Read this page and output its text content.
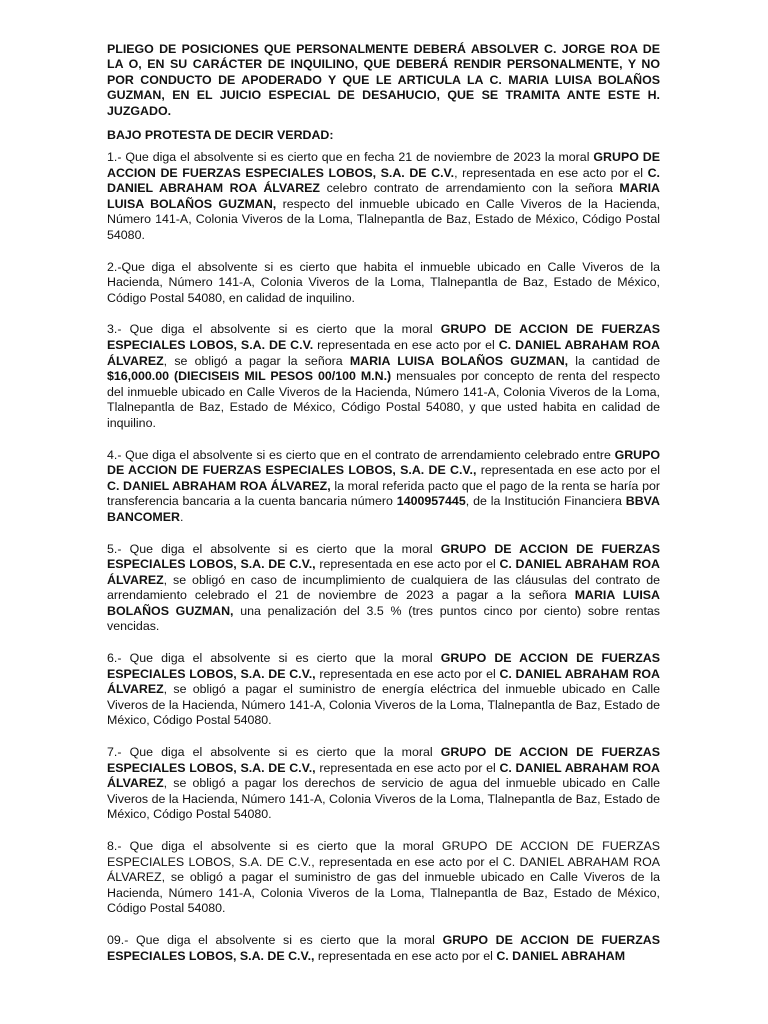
PLIEGO DE POSICIONES QUE PERSONALMENTE DEBERÁ ABSOLVER C. JORGE ROA DE LA O, EN SU CARÁCTER DE INQUILINO, QUE DEBERÁ RENDIR PERSONALMENTE, Y NO POR CONDUCTO DE APODERADO Y QUE LE ARTICULA LA C. MARIA LUISA BOLAÑOS GUZMAN, EN EL JUICIO ESPECIAL DE DESAHUCIO, QUE SE TRAMITA ANTE ESTE H. JUZGADO.

BAJO PROTESTA DE DECIR VERDAD:

1.- Que diga el absolvente si es cierto que en fecha 21 de noviembre de 2023 la moral GRUPO DE ACCION DE FUERZAS ESPECIALES LOBOS, S.A. DE C.V., representada en ese acto por el C. DANIEL ABRAHAM ROA ÁLVAREZ celebro contrato de arrendamiento con la señora MARIA LUISA BOLAÑOS GUZMAN, respecto del inmueble ubicado en Calle Viveros de la Hacienda, Número 141-A, Colonia Viveros de la Loma, Tlalnepantla de Baz, Estado de México, Código Postal 54080.

2.-Que diga el absolvente si es cierto que habita el inmueble ubicado en Calle Viveros de la Hacienda, Número 141-A, Colonia Viveros de la Loma, Tlalnepantla de Baz, Estado de México, Código Postal 54080, en calidad de inquilino.

3.- Que diga el absolvente si es cierto que la moral GRUPO DE ACCION DE FUERZAS ESPECIALES LOBOS, S.A. DE C.V. representada en ese acto por el C. DANIEL ABRAHAM ROA ÁLVAREZ, se obligó a pagar la señora MARIA LUISA BOLAÑOS GUZMAN, la cantidad de $16,000.00 (DIECISEIS MIL PESOS 00/100 M.N.) mensuales por concepto de renta del respecto del inmueble ubicado en Calle Viveros de la Hacienda, Número 141-A, Colonia Viveros de la Loma, Tlalnepantla de Baz, Estado de México, Código Postal 54080, y que usted habita en calidad de inquilino.

4.- Que diga el absolvente si es cierto que en el contrato de arrendamiento celebrado entre GRUPO DE ACCION DE FUERZAS ESPECIALES LOBOS, S.A. DE C.V., representada en ese acto por el C. DANIEL ABRAHAM ROA ÁLVAREZ, la moral referida pacto que el pago de la renta se haría por transferencia bancaria a la cuenta bancaria número 1400957445, de la Institución Financiera BBVA BANCOMER.

5.- Que diga el absolvente si es cierto que la moral GRUPO DE ACCION DE FUERZAS ESPECIALES LOBOS, S.A. DE C.V., representada en ese acto por el C. DANIEL ABRAHAM ROA ÁLVAREZ, se obligó en caso de incumplimiento de cualquiera de las cláusulas del contrato de arrendamiento celebrado el 21 de noviembre de 2023 a pagar a la señora MARIA LUISA BOLAÑOS GUZMAN, una penalización del 3.5 % (tres puntos cinco por ciento) sobre rentas vencidas.

6.- Que diga el absolvente si es cierto que la moral GRUPO DE ACCION DE FUERZAS ESPECIALES LOBOS, S.A. DE C.V., representada en ese acto por el C. DANIEL ABRAHAM ROA ÁLVAREZ, se obligó a pagar el suministro de energía eléctrica del inmueble ubicado en Calle Viveros de la Hacienda, Número 141-A, Colonia Viveros de la Loma, Tlalnepantla de Baz, Estado de México, Código Postal 54080.

7.- Que diga el absolvente si es cierto que la moral GRUPO DE ACCION DE FUERZAS ESPECIALES LOBOS, S.A. DE C.V., representada en ese acto por el C. DANIEL ABRAHAM ROA ÁLVAREZ, se obligó a pagar los derechos de servicio de agua del inmueble ubicado en Calle Viveros de la Hacienda, Número 141-A, Colonia Viveros de la Loma, Tlalnepantla de Baz, Estado de México, Código Postal 54080.

8.- Que diga el absolvente si es cierto que la moral GRUPO DE ACCION DE FUERZAS ESPECIALES LOBOS, S.A. DE C.V., representada en ese acto por el C. DANIEL ABRAHAM ROA ÁLVAREZ, se obligó a pagar el suministro de gas del inmueble ubicado en Calle Viveros de la Hacienda, Número 141-A, Colonia Viveros de la Loma, Tlalnepantla de Baz, Estado de México, Código Postal 54080.

09.- Que diga el absolvente si es cierto que la moral GRUPO DE ACCION DE FUERZAS ESPECIALES LOBOS, S.A. DE C.V., representada en ese acto por el C. DANIEL ABRAHAM
